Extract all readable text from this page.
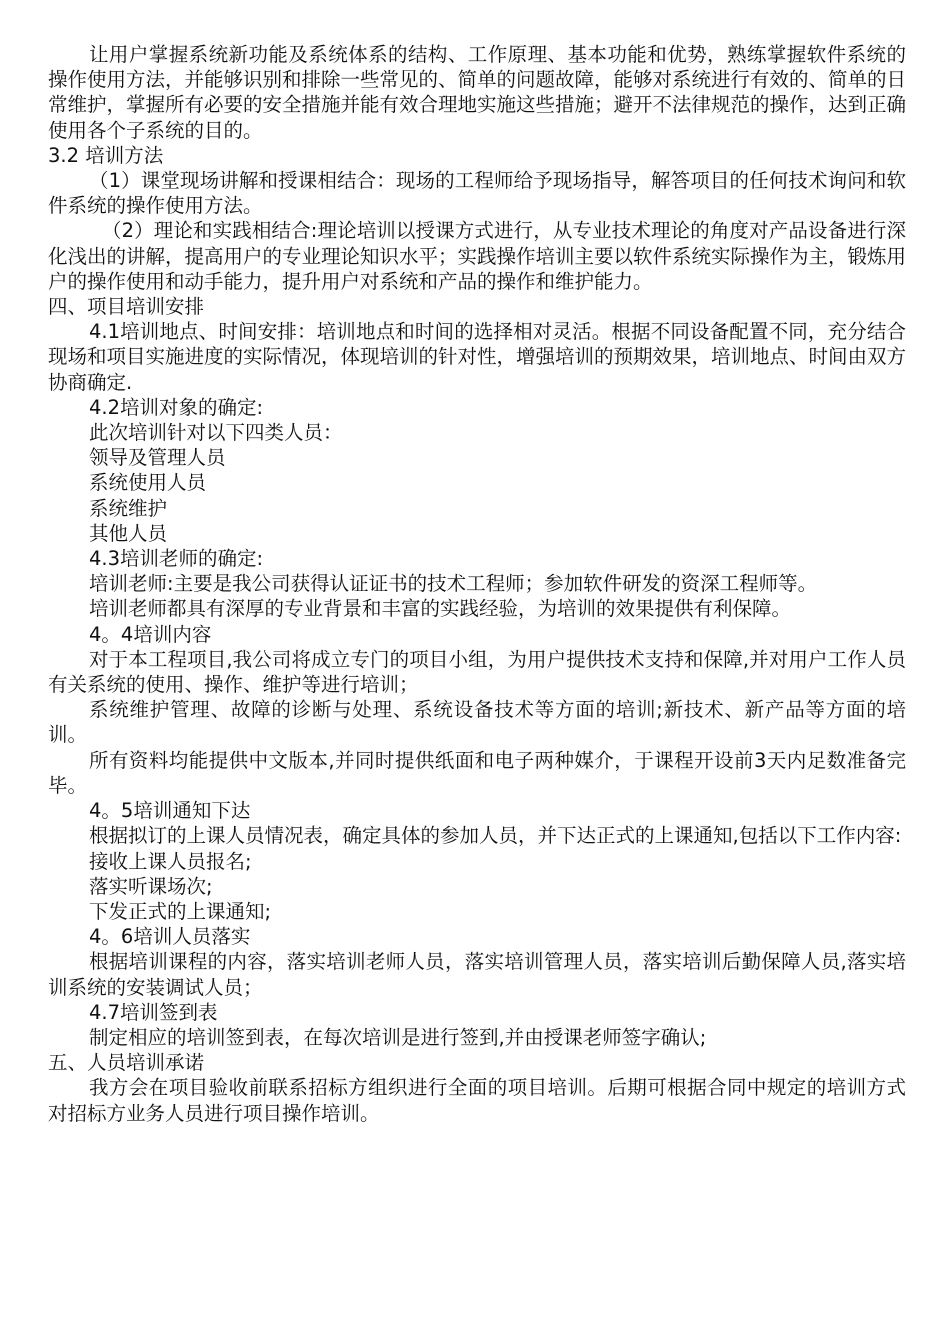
让用户掌握系统新功能及系统体系的结构、工作原理、基本功能和优势，熟练掌握软件系统的操作使用方法，并能够识别和排除一些常见的、简单的问题故障，能够对系统进行有效的、简单的日常维护，掌握所有必要的安全措施并能有效合理地实施这些措施；避开不法律规范的操作，达到正确使用各个子系统的目的。

3.2 培训方法

（1）课堂现场讲解和授课相结合：现场的工程师给予现场指导，解答项目的任何技术询问和软件系统的操作使用方法。

（2）理论和实践相结合:理论培训以授课方式进行，从专业技术理论的角度对产品设备进行深化浅出的讲解，提高用户的专业理论知识水平；实践操作培训主要以软件系统实际操作为主，锻炼用户的操作使用和动手能力，提升用户对系统和产品的操作和维护能力。

四、项目培训安排

4.1培训地点、时间安排：培训地点和时间的选择相对灵活。根据不同设备配置不同，充分结合现场和项目实施进度的实际情况，体现培训的针对性，增强培训的预期效果，培训地点、时间由双方协商确定.

4.2培训对象的确定:

此次培训针对以下四类人员：

领导及管理人员

系统使用人员

系统维护

其他人员

4.3培训老师的确定:

培训老师:主要是我公司获得认证证书的技术工程师；参加软件研发的资深工程师等。

培训老师都具有深厚的专业背景和丰富的实践经验，为培训的效果提供有利保障。

4。4培训内容

对于本工程项目,我公司将成立专门的项目小组，为用户提供技术支持和保障,并对用户工作人员有关系统的使用、操作、维护等进行培训；

系统维护管理、故障的诊断与处理、系统设备技术等方面的培训;新技术、新产品等方面的培训。

所有资料均能提供中文版本,并同时提供纸面和电子两种媒介，于课程开设前3天内足数准备完毕。

4。5培训通知下达

根据拟订的上课人员情况表，确定具体的参加人员，并下达正式的上课通知,包括以下工作内容:

接收上课人员报名;

落实听课场次;

下发正式的上课通知;

4。6培训人员落实

根据培训课程的内容，落实培训老师人员，落实培训管理人员，落实培训后勤保障人员,落实培训系统的安装调试人员；

4.7培训签到表

制定相应的培训签到表，在每次培训是进行签到,并由授课老师签字确认;

五、人员培训承诺

我方会在项目验收前联系招标方组织进行全面的项目培训。后期可根据合同中规定的培训方式对招标方业务人员进行项目操作培训。
